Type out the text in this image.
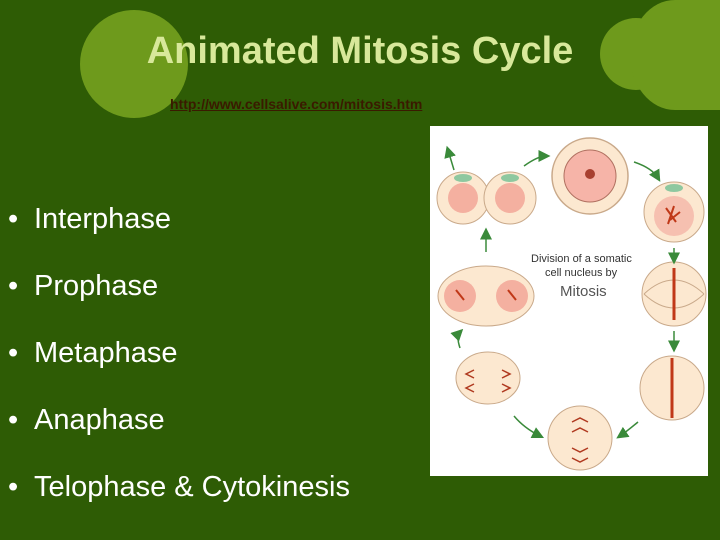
Animated Mitosis Cycle
http://www.cellsalive.com/mitosis.htm
• Interphase
• Prophase
• Metaphase
• Anaphase
• Telophase & Cytokinesis
Division of a somatic
cell nucleus by
Mitosis
